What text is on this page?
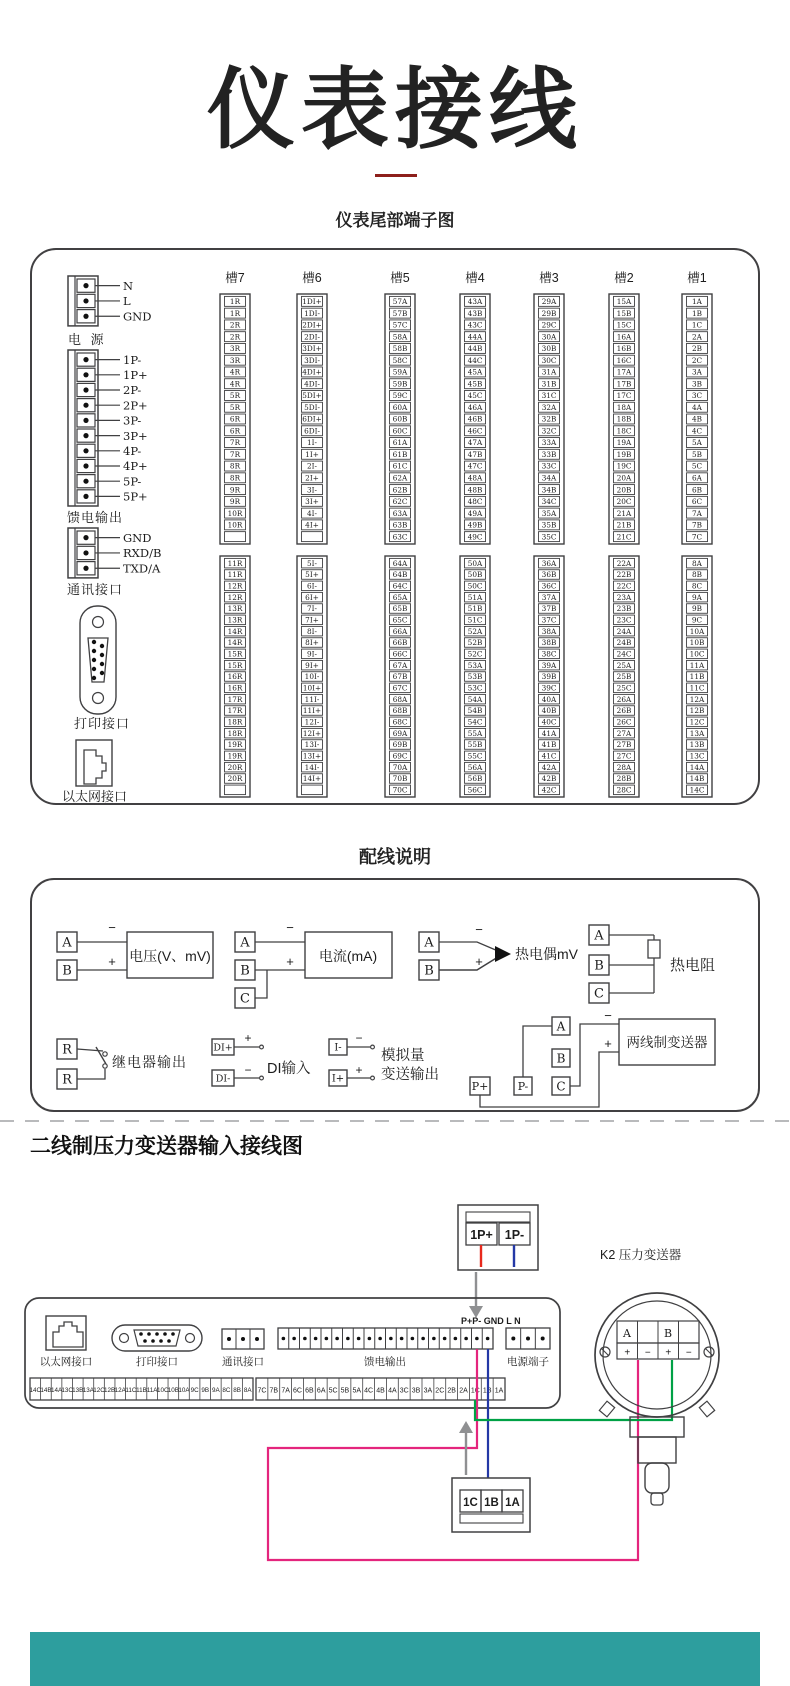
仪表接线
仪表尾部端子图
N
L
GND
电 源
1P-
1P+
2P-
2P+
3P-
3P+
4P-
4P+
5P-
5P+
馈电输出
GND
RXD/B
TXD/A
通讯接口
打印接口
以太网接口
槽7
1R
1R
2R
2R
3R
3R
4R
4R
5R
5R
6R
6R
7R
7R
8R
8R
9R
9R
10R
10R
11R
11R
12R
12R
13R
13R
14R
14R
15R
15R
16R
16R
17R
17R
18R
18R
19R
19R
20R
20R
槽6
1DI+
1DI-
2DI+
2DI-
3DI+
3DI-
4DI+
4DI-
5DI+
5DI-
6DI+
6DI-
1I-
1I+
2I-
2I+
3I-
3I+
4I-
4I+
5I-
5I+
6I-
6I+
7I-
7I+
8I-
8I+
9I-
9I+
10I-
10I+
11I-
11I+
12I-
12I+
13I-
13I+
14I-
14I+
槽5
57A
57B
57C
58A
58B
58C
59A
59B
59C
60A
60B
60C
61A
61B
61C
62A
62B
62C
63A
63B
63C
64A
64B
64C
65A
65B
65C
66A
66B
66C
67A
67B
67C
68A
68B
68C
69A
69B
69C
70A
70B
70C
槽4
43A
43B
43C
44A
44B
44C
45A
45B
45C
46A
46B
46C
47A
47B
47C
48A
48B
48C
49A
49B
49C
50A
50B
50C
51A
51B
51C
52A
52B
52C
53A
53B
53C
54A
54B
54C
55A
55B
55C
56A
56B
56C
槽3
29A
29B
29C
30A
30B
30C
31A
31B
31C
32A
32B
32C
33A
33B
33C
34A
34B
34C
35A
35B
35C
36A
36B
36C
37A
37B
37C
38A
38B
38C
39A
39B
39C
40A
40B
40C
41A
41B
41C
42A
42B
42C
槽2
15A
15B
15C
16A
16B
16C
17A
17B
17C
18A
18B
18C
19A
19B
19C
20A
20B
20C
21A
21B
21C
22A
22B
22C
23A
23B
23C
24A
24B
24C
25A
25B
25C
26A
26B
26C
27A
27B
27C
28A
28B
28C
槽1
1A
1B
1C
2A
2B
2C
3A
3B
3C
4A
4B
4C
5A
5B
5C
6A
6B
6C
7A
7B
7C
8A
8B
8C
9A
9B
9C
10A
10B
10C
11A
11B
11C
12A
12B
12C
13A
13B
13C
14A
14B
14C
配线说明
A
B
−
+ 电压(V、mV)
A
B
C
−
+ 电流(mA)
A
B
−
+ 热电偶mV
A
B
C
热电阻
R
R
继电器输出
DI+
DI-
+
− DI输入
I-
I+
−
+
模拟量
变送输出
A
B
C
P+	P-
−
+ 两线制变送器
二线制压力变送器输入接线图
1P+ 1P-
以太网接口	打印接口	通讯接口	馈电输出
P+P- GND L N
电源端子
14C 14B 14A 13C 13B 13A 12C 12B 12A 11C 11B 11A 10C 10B 10A 9C 9B 9A 8C 8B 8A 7C 7B 7A 6C 6B 6A 5C 5B 5A 4C 4B 4A 3C 3B 3A 2C 2B 2A 1C 1B 1A
1C 1B 1A
K2 压力变送器
A	B
+ − + −
